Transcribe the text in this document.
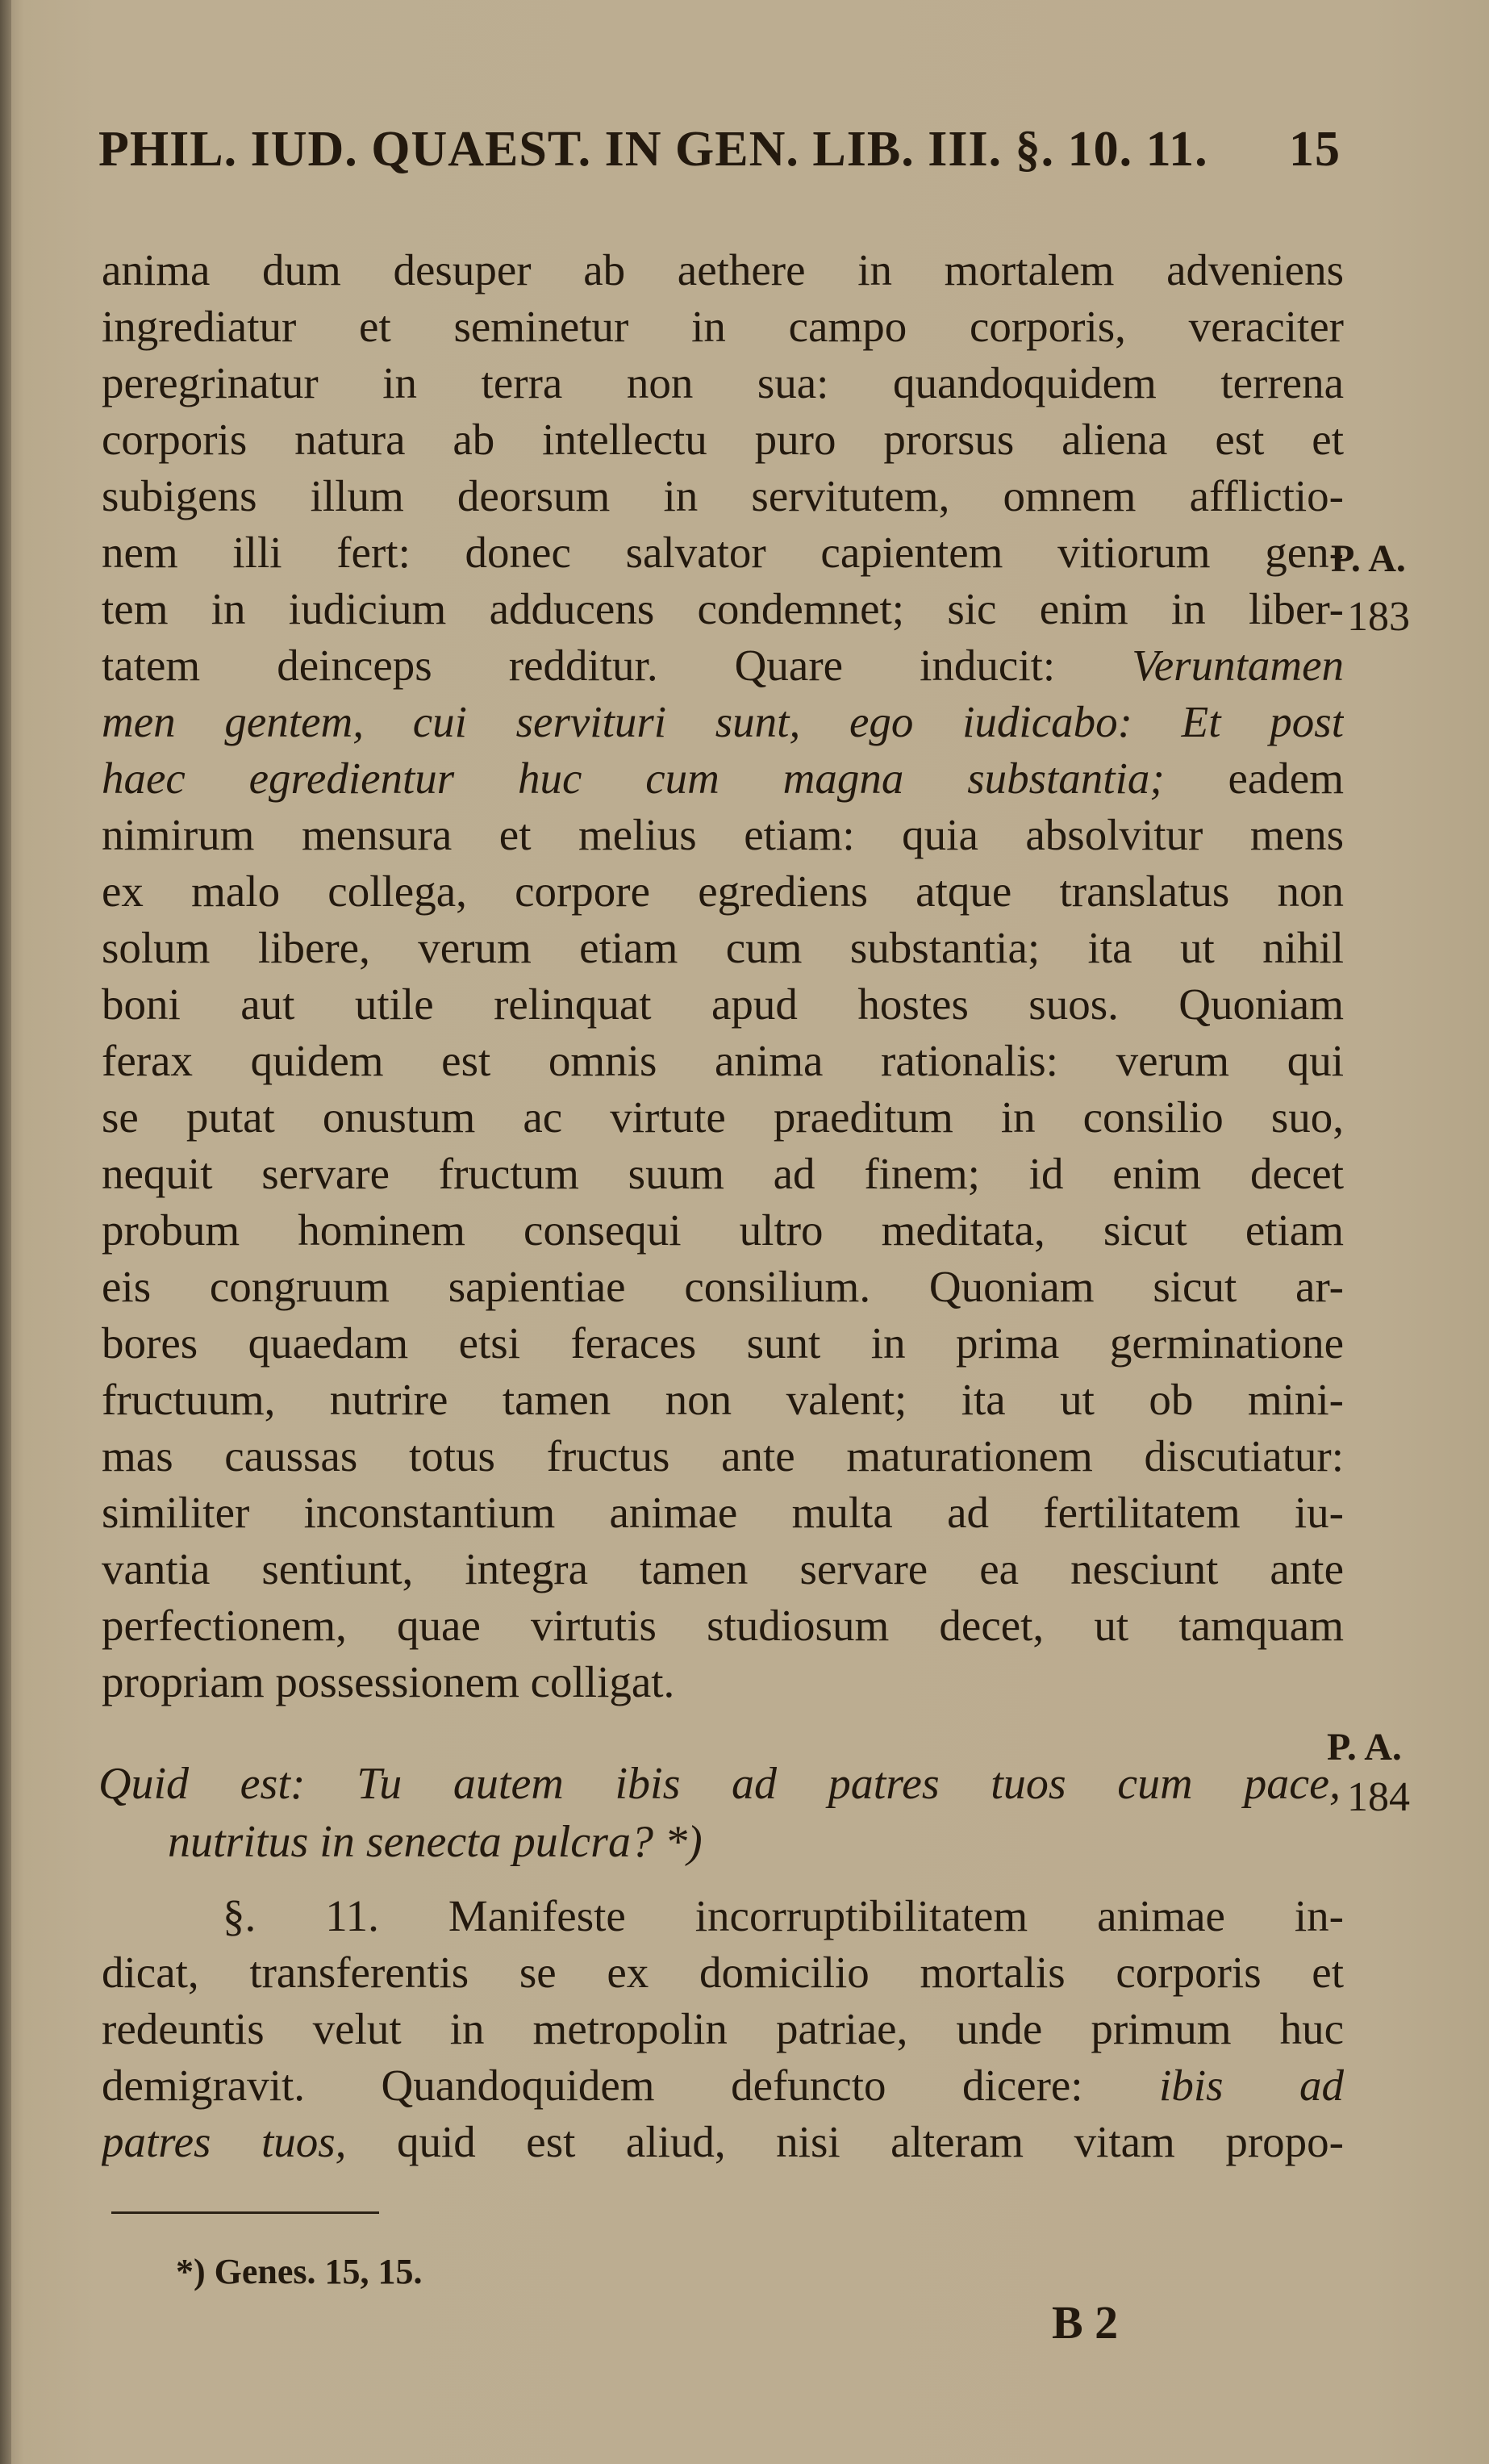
PHIL. IUD. QUAEST. IN GEN. LIB. III. §. 10. 11. 15
anima dum desuper ab aethere in mortalem adveniens
ingrediatur et seminetur in campo corporis, veraciter
peregrinatur in terra non sua: quandoquidem terrena
corporis natura ab intellectu puro prorsus aliena est et
subigens illum deorsum in servitutem, omnem afflictio-
nem illi fert: donec salvator capientem vitiorum gen-
tem in iudicium adducens condemnet; sic enim in liber-
tatem deinceps redditur. Quare inducit: Veruntamen
men gentem, cui servituri sunt, ego iudicabo: Et post
haec egredientur huc cum magna substantia; eadem
nimirum mensura et melius etiam: quia absolvitur mens
ex malo collega, corpore egrediens atque translatus non
solum libere, verum etiam cum substantia; ita ut nihil
boni aut utile relinquat apud hostes suos. Quoniam
ferax quidem est omnis anima rationalis: verum qui
se putat onustum ac virtute praeditum in consilio suo,
nequit servare fructum suum ad finem; id enim decet
probum hominem consequi ultro meditata, sicut etiam
eis congruum sapientiae consilium. Quoniam sicut ar-
bores quaedam etsi feraces sunt in prima germinatione
fructuum, nutrire tamen non valent; ita ut ob mini-
mas caussas totus fructus ante maturationem discutiatur:
similiter inconstantium animae multa ad fertilitatem iu-
vantia sentiunt, integra tamen servare ea nesciunt ante
perfectionem, quae virtutis studiosum decet, ut tamquam
propriam possessionem colligat.
P. A.
183
P. A.
184
Quid est: Tu autem ibis ad patres tuos cum pace,
nutritus in senecta pulcra? *)
§. 11. Manifeste incorruptibilitatem animae in-
dicat, transferentis se ex domicilio mortalis corporis et
redeuntis velut in metropolin patriae, unde primum huc
demigravit. Quandoquidem defuncto dicere: ibis ad
patres tuos, quid est aliud, nisi alteram vitam propo-
*) Genes. 15, 15.
B 2
